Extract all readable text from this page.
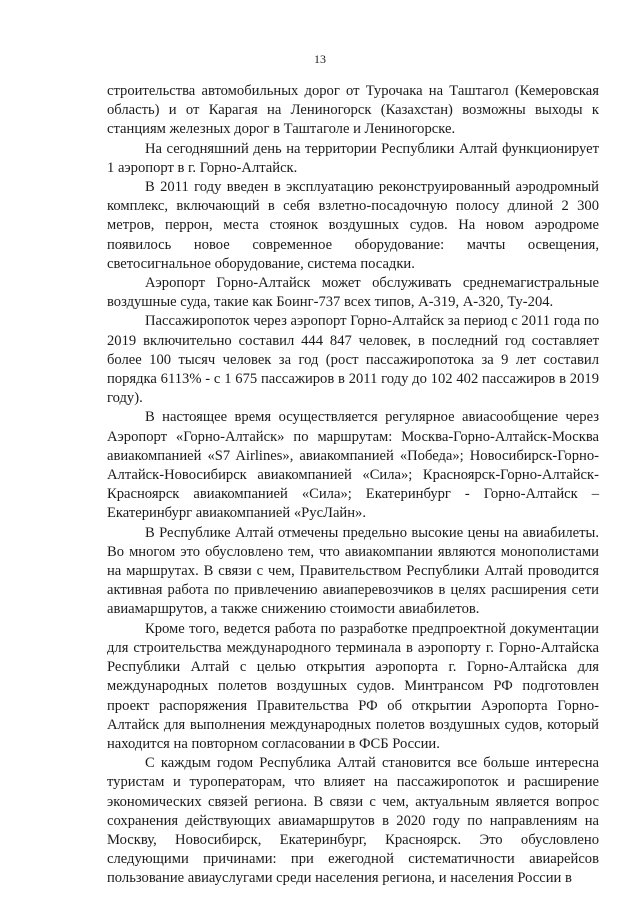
13

строительства автомобильных дорог от Турочака на Таштагол (Кемеровская область) и от Карагая на Лениногорск (Казахстан) возможны выходы к станциям железных дорог в Таштаголе и Лениногорске.

На сегодняшний день на территории Республики Алтай функционирует 1 аэропорт в г. Горно-Алтайск.

В 2011 году введен в эксплуатацию реконструированный аэродромный комплекс, включающий в себя взлетно-посадочную полосу длиной 2 300 метров, перрон, места стоянок воздушных судов. На новом аэродроме появилось новое современное оборудование: мачты освещения, светосигнальное оборудование, система посадки.

Аэропорт Горно-Алтайск может обслуживать среднемагистральные воздушные суда, такие как Боинг-737 всех типов, А-319, А-320, Ту-204.

Пассажиропоток через аэропорт Горно-Алтайск за период с 2011 года по 2019 включительно составил 444 847 человек, в последний год составляет более 100 тысяч человек за год (рост пассажиропотока за 9 лет составил порядка 6113% - с 1 675 пассажиров в 2011 году до 102 402 пассажиров в 2019 году).

В настоящее время осуществляется регулярное авиасообщение через Аэропорт «Горно-Алтайск» по маршрутам: Москва-Горно-Алтайск-Москва авиакомпанией «S7 Airlines», авиакомпанией «Победа»; Новосибирск-Горно-Алтайск-Новосибирск авиакомпанией «Сила»; Красноярск-Горно-Алтайск-Красноярск авиакомпанией «Сила»; Екатеринбург - Горно-Алтайск – Екатеринбург авиакомпанией «РусЛайн».

В Республике Алтай отмечены предельно высокие цены на авиабилеты. Во многом это обусловлено тем, что авиакомпании являются монополистами на маршрутах. В связи с чем, Правительством Республики Алтай проводится активная работа по привлечению авиаперевозчиков в целях расширения сети авиамаршрутов, а также снижению стоимости авиабилетов.

Кроме того, ведется работа по разработке предпроектной документации для строительства международного терминала в аэропорту г. Горно-Алтайска Республики Алтай с целью открытия аэропорта г. Горно-Алтайска для международных полетов воздушных судов. Минтрансом РФ подготовлен проект распоряжения Правительства РФ об открытии Аэропорта Горно-Алтайск для выполнения международных полетов воздушных судов, который находится на повторном согласовании в ФСБ России.

С каждым годом Республика Алтай становится все больше интересна туристам и туроператорам, что влияет на пассажиропоток и расширение экономических связей региона. В связи с чем, актуальным является вопрос сохранения действующих авиамаршрутов в 2020 году по направлениям на Москву, Новосибирск, Екатеринбург, Красноярск. Это обусловлено следующими причинами: при ежегодной систематичности авиарейсов пользование авиауслугами среди населения региона, и населения России в
